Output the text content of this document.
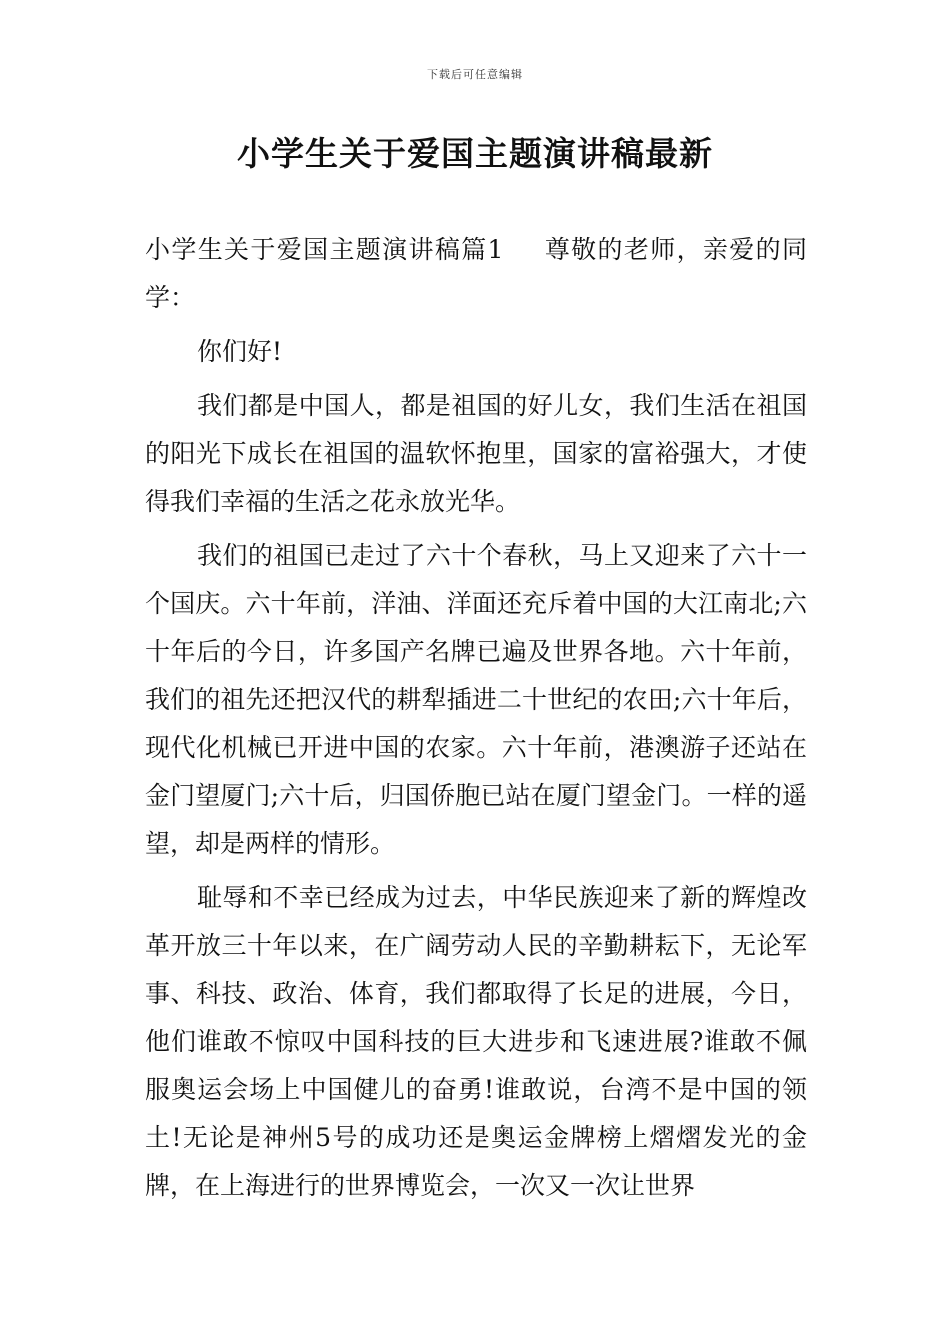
下载后可任意编辑
小学生关于爱国主题演讲稿最新

小学生关于爱国主题演讲稿篇1 尊敬的老师，亲爱的同学：

你们好!

我们都是中国人，都是祖国的好儿女，我们生活在祖国的阳光下成长在祖国的温软怀抱里，国家的富裕强大，才使得我们幸福的生活之花永放光华。

我们的祖国已走过了六十个春秋，马上又迎来了六十一个国庆。六十年前，洋油、洋面还充斥着中国的大江南北;六十年后的今日，许多国产名牌已遍及世界各地。六十年前，我们的祖先还把汉代的耕犁插进二十世纪的农田;六十年后，现代化机械已开进中国的农家。六十年前，港澳游子还站在金门望厦门;六十后，归国侨胞已站在厦门望金门。一样的遥望，却是两样的情形。

耻辱和不幸已经成为过去，中华民族迎来了新的辉煌改革开放三十年以来，在广阔劳动人民的辛勤耕耘下，无论军事、科技、政治、体育，我们都取得了长足的进展，今日，他们谁敢不惊叹中国科技的巨大进步和飞速进展?谁敢不佩服奥运会场上中国健儿的奋勇!谁敢说，台湾不是中国的领土!无论是神州5号的成功还是奥运金牌榜上熠熠发光的金牌，在上海进行的世界博览会，一次又一次让世界
